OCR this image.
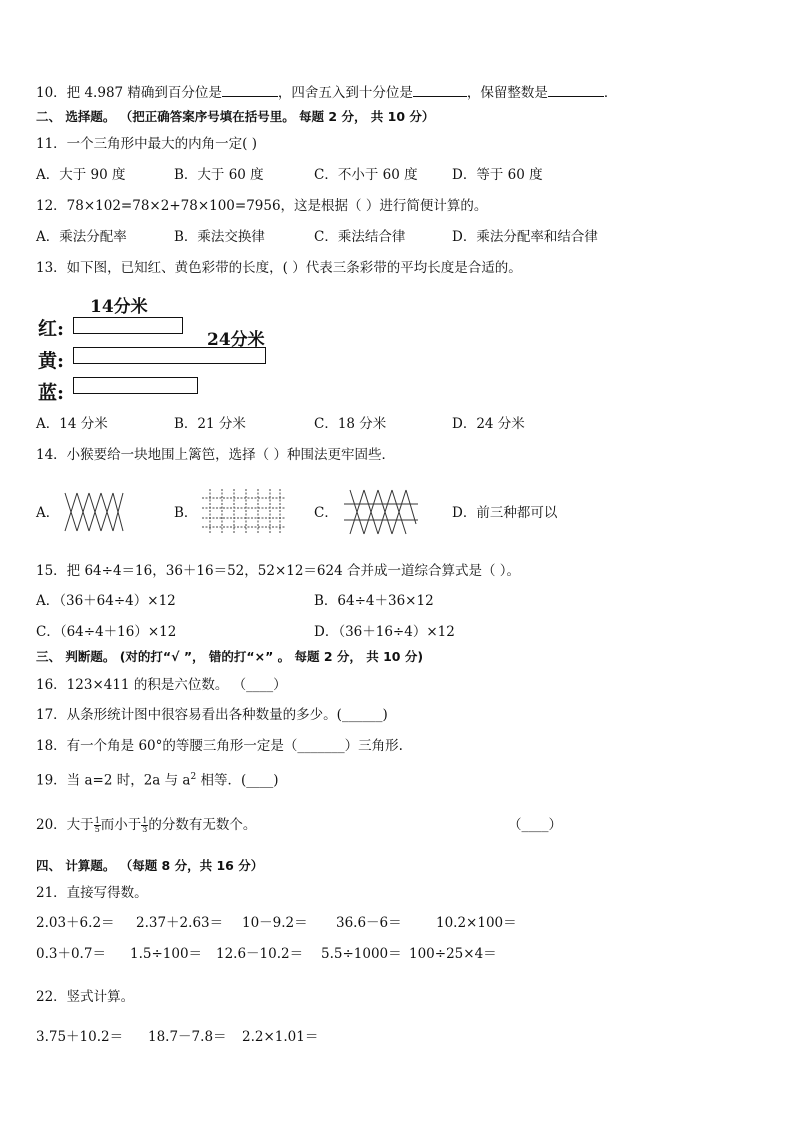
10．把 4.987 精确到百分位是	，四舍五入到十分位是	，保留整数是	．
二、 选择题。 （把正确答案序号填在括号里。 每题 2 分， 共 10 分）
11．一个三角形中最大的内角一定( )
A．大于 90 度	B．大于 60 度	C．不小于 60 度	D．等于 60 度
12．78×102=78×2+78×100=7956，这是根据（ ）进行简便计算的。
A．乘法分配率	B．乘法交换律	C．乘法结合律	D．乘法分配率和结合律
13．如下图，已知红、黄色彩带的长度，( ）代表三条彩带的平均长度是合适的。
14分米
红:	24分米
黄:
蓝:
A．14 分米	B．21 分米	C．18 分米	D．24 分米
14．小猴要给一块地围上篱笆，选择（ ）种围法更牢固些．
A．	B．	C．	D．前三种都可以
15．把 64÷4＝16，36＋16＝52，52×12＝624 合并成一道综合算式是（ ）。
A．（36＋64÷4）×12	B．64÷4＋36×12
C．（64÷4＋16）×12	D．（36＋16÷4）×12
三、 判断题。 (对的打“√ ”， 错的打“×” 。 每题 2 分， 共 10 分)
16．123×411 的积是六位数。 （____）
17．从条形统计图中很容易看出各种数量的多少。(______)
18．有一个角是 60°的等腰三角形一定是（_______）三角形.
19．当 a=2 时，2a 与 $a^2$ 相等．(____)
20．大于 $\frac{1}{5}$ 而小于 $\frac{1}{3}$ 的分数有无数个。	（____）
四、 计算题。 （每题 8 分，共 16 分）
21．直接写得数。
2.03＋6.2＝ 2.37＋2.63＝ 10－9.2＝ 36.6－6＝	10.2×100＝
0.3＋0.7＝ 1.5÷100＝ 12.6－10.2＝ 5.5÷1000＝ 100÷25×4＝
22．竖式计算。
3.75＋10.2＝ 18.7－7.8＝ 2.2×1.01＝
